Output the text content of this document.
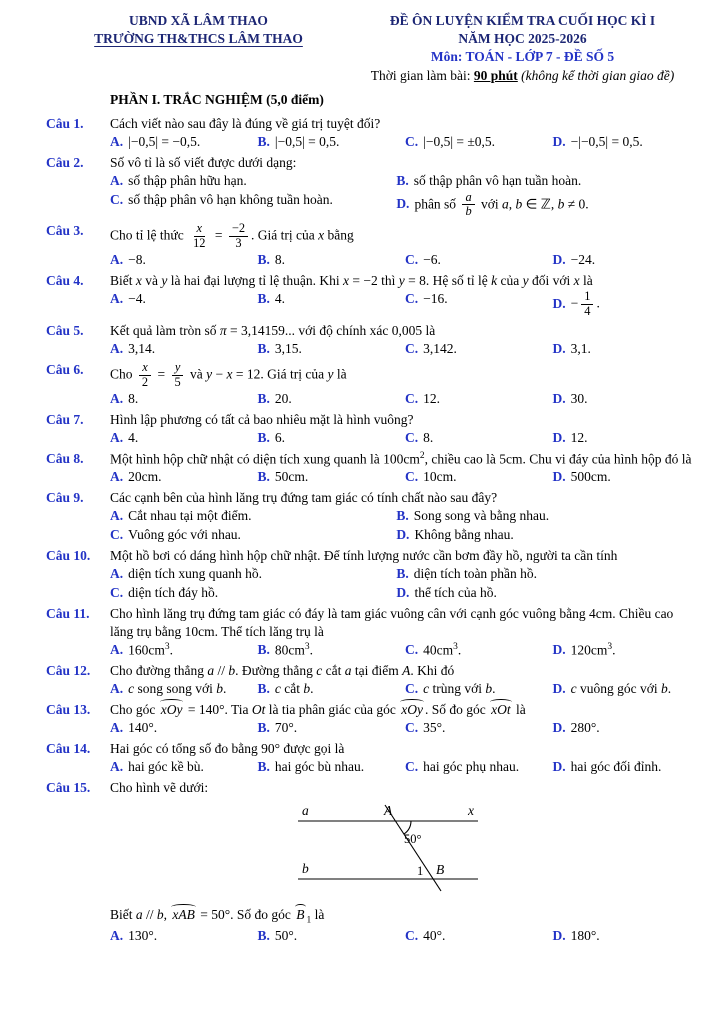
UBND XÃ LÂM THAO
TRƯỜNG TH&THCS LÂM THAO
ĐỀ ÔN LUYỆN KIỂM TRA CUỐI HỌC KÌ I
NĂM HỌC 2025-2026
Môn: TOÁN - LỚP 7 - ĐỀ SỐ 5
Thời gian làm bài: 90 phút (không kể thời gian giao đề)
PHẦN I. TRẮC NGHIỆM (5,0 điểm)
Câu 1.	Cách viết nào sau đây là đúng về giá trị tuyệt đối?
A. |−0,5| = −0,5.	B. |−0,5| = 0,5.	C. |−0,5| = ±0,5.	D. −|−0,5| = 0,5.
Câu 2.	Số vô tỉ là số viết được dưới dạng:
A. số thập phân hữu hạn.	B. số thập phân vô hạn tuần hoàn.
C. số thập phân vô hạn không tuần hoàn.	D. phân số $\frac{a}{b}$ với a, b ∈ ℤ, b ≠ 0.
Câu 3.	Cho tỉ lệ thức $\frac{x}{12} = \frac{-2}{3}$ . Giá trị của x bằng
A. −8.	B. 8.	C. −6.	D. −24.
Câu 4.	Biết x và y là hai đại lượng tỉ lệ thuận. Khi x = −2 thì y = 8. Hệ số tỉ lệ k của y đối với x là
A. −4.	B. 4.	C. −16.	D. − $\frac{1}{4}$ .
Câu 5.	Kết quả làm tròn số π = 3,14159... với độ chính xác 0,005 là
A. 3,14.	B. 3,15.	C. 3,142.	D. 3,1.
Câu 6.	Cho $\frac{x}{2} = \frac{y}{5}$ và y − x = 12. Giá trị của y là
A. 8.	B. 20.	C. 12.	D. 30.
Câu 7.	Hình lập phương có tất cả bao nhiêu mặt là hình vuông?
A. 4.	B. 6.	C. 8.	D. 12.
Câu 8.	Một hình hộp chữ nhật có diện tích xung quanh là $100cm^2$, chiều cao là 5cm. Chu vi đáy của hình hộp đó là
A. 20cm.	B. 50cm.	C. 10cm.	D. 500cm.
Câu 9.	Các cạnh bên của hình lăng trụ đứng tam giác có tính chất nào sau đây?
A. Cắt nhau tại một điểm.	B. Song song và bằng nhau.
C. Vuông góc với nhau.	D. Không bằng nhau.
Câu 10.	Một hồ bơi có dáng hình hộp chữ nhật. Để tính lượng nước cần bơm đầy hồ, người ta cần tính
A. diện tích xung quanh hồ.	B. diện tích toàn phần hồ.
C. diện tích đáy hồ.	D. thể tích của hồ.
Câu 11.	Cho hình lăng trụ đứng tam giác có đáy là tam giác vuông cân với cạnh góc vuông bằng 4cm. Chiều cao lăng trụ bằng 10cm. Thể tích lăng trụ là
A. $160cm^3$.	B. $80cm^3$.	C. $40cm^3$.	D. $120cm^3$.
Câu 12.	Cho đường thẳng a // b. Đường thẳng c cắt a tại điểm A. Khi đó
A. c song song với b. B. c cắt b.	C. c trùng với b.	D. c vuông góc với b.
Câu 13.	Cho góc xOy = 140°. Tia Ot là tia phân giác của góc xOy . Số đo góc xOt là
A. 140°.	B. 70°.	C. 35°.	D. 280°.
Câu 14.	Hai góc có tổng số đo bằng 90° được gọi là
A. hai góc kề bù.	B. hai góc bù nhau.	C. hai góc phụ nhau. D. hai góc đối đỉnh.
Câu 15.	Cho hình vẽ dưới:
a	A	x
50°
b	1 B
Biết a // b, xAB = 50°. Số đo góc B $_1$ là
A. 130°.	B. 50°.	C. 40°.	D. 180°.
